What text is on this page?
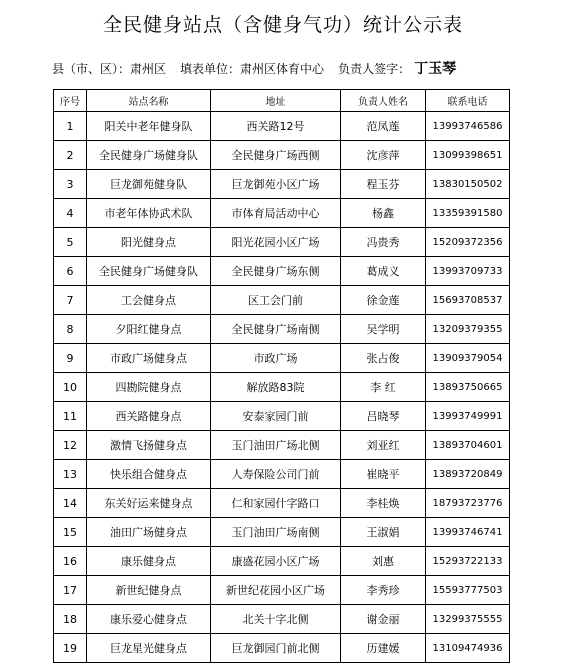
全民健身站点（含健身气功）统计公示表
县（市、区）：肃州区 填表单位：肃州区体育中心 负责人签字： 丁玉琴
序号	站点名称	地址	负责人姓名	联系电话
1	阳关中老年健身队	西关路12号	范凤莲	13993746586
2	全民健身广场健身队	全民健身广场西侧	沈彦萍	13099398651
3	巨龙御苑健身队	巨龙御苑小区广场	程玉芬	13830150502
4	市老年体协武术队	市体育局活动中心	杨鑫	13359391580
5	阳光健身点	阳光花园小区广场	冯贵秀	15209372356
6	全民健身广场健身队	全民健身广场东侧	葛成义	13993709733
7	工会健身点	区工会门前	徐金莲	15693708537
8	夕阳红健身点	全民健身广场南侧	吴学明	13209379355
9	市政广场健身点	市政广场	张占俊	13909379054
10	四勘院健身点	解放路83院	李 红	13893750665
11	西关路健身点	安泰家园门前	吕晓琴	13993749991
12	激情飞扬健身点	玉门油田广场北侧	刘亚红	13893704601
13	快乐组合健身点	人寿保险公司门前	崔晓平	13893720849
14	东关好运来健身点	仁和家园什字路口	李桂焕	18793723776
15	油田广场健身点	玉门油田广场南侧	王淑娟	13993746741
16	康乐健身点	康盛花园小区广场	刘惠	15293722133
17	新世纪健身点	新世纪花园小区广场	李秀珍	15593777503
18	康乐爱心健身点	北关十字北侧	谢金丽	13299375555
19	巨龙星光健身点	巨龙御园门前北侧	历建媛	13109474936
